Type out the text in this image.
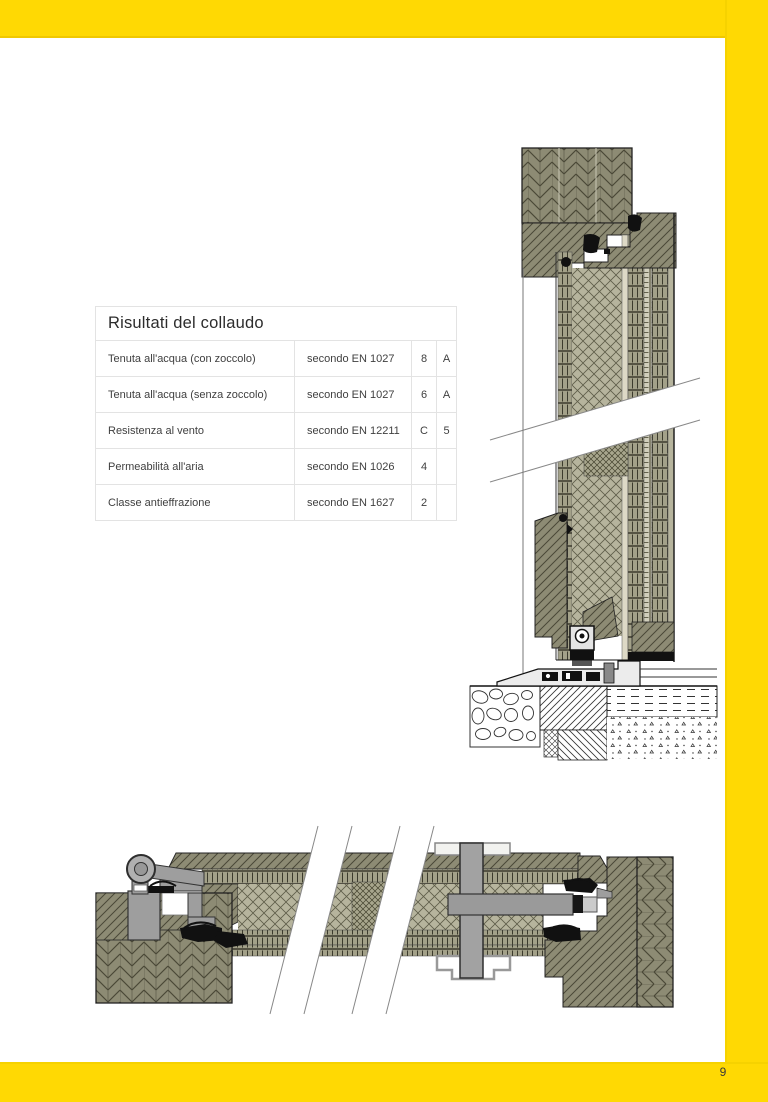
9
Risultati del collaudo
Tenuta all'acqua (con zoccolo)	secondo EN 1027	8	A
Tenuta all'acqua (senza zoccolo)	secondo EN 1027	6	A
Resistenza al vento	secondo EN 12211	C	5
Permeabilità all'aria	secondo EN 1026	4
Classe antieffrazione	secondo EN 1627	2
